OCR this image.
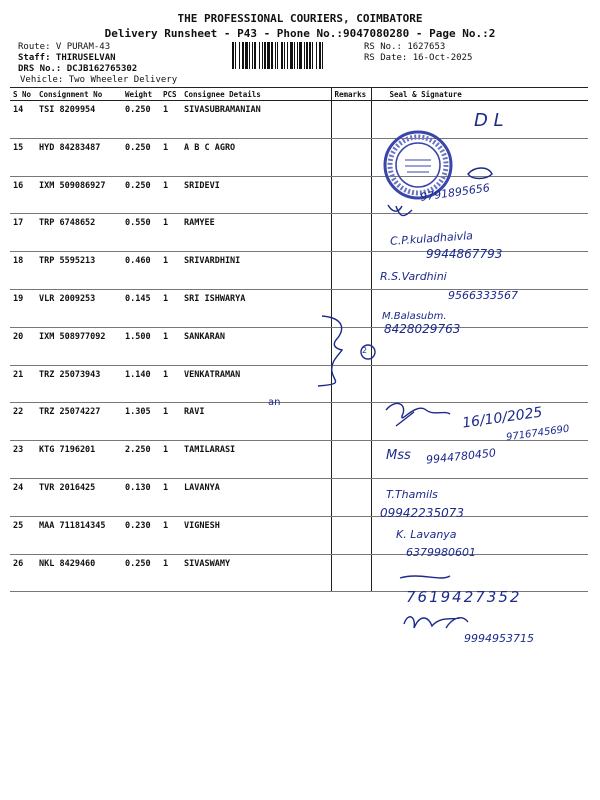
THE PROFESSIONAL COURIERS, COIMBATORE
Delivery Runsheet - P43 - Phone No.:9047080280 - Page No.:2
Route: V PURAM-43
Staff: THIRUSELVAN
DRS No.: DCJB162765302
Vehicle: Two Wheeler Delivery
RS No.: 1627653
RS Date: 16-Oct-2025
S No	Consignment No	Weight	PCS	Consignee Details	Remarks	Seal & Signature
14	TSI 8209954	0.250	1	SIVASUBRAMANIAN		
15	HYD 84283487	0.250	1	A B C AGRO		
16	IXM 509086927	0.250	1	SRIDEVI		
17	TRP 6748652	0.550	1	RAMYEE		
18	TRP 5595213	0.460	1	SRIVARDHINI		
19	VLR 2009253	0.145	1	SRI ISHWARYA		
20	IXM 508977092	1.500	1	SANKARAN		
21	TRZ 25073943	1.140	1	VENKATRAMAN		
22	TRZ 25074227	1.305	1	RAVI		
23	KTG 7196201	2.250	1	TAMILARASI		
24	TVR 2016425	0.130	1	LAVANYA		
25	MAA 711814345	0.230	1	VIGNESH		
26	NKL 8429460	0.250	1	SIVASWAMY		
D L
9791895656
C.P.kuladhaivla
9944867793
R.S.Vardhini
9566333567
M.Balasubm.
8428029763
2
an
16/10/2025
9716745690
Mss 9944780450
T.Thamils
09942235073
K. Lavanya
6379980601
7619427352
9994953715
